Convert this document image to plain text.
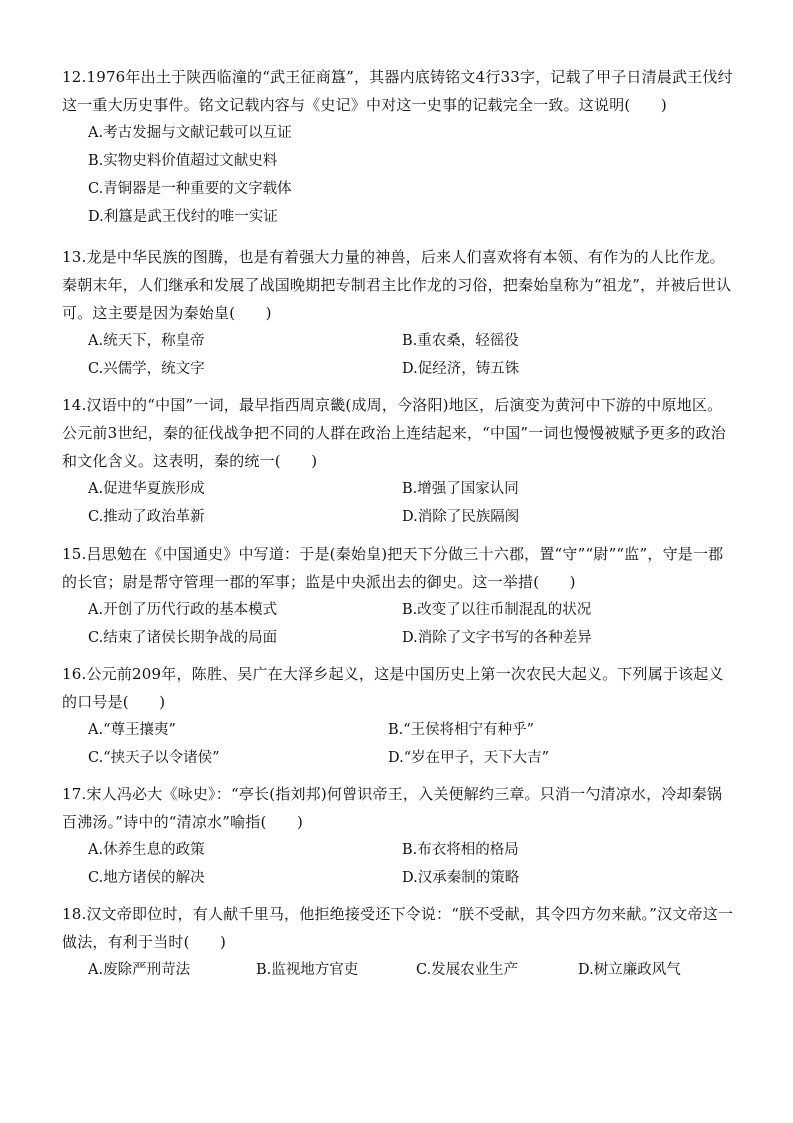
12.1976年出土于陕西临潼的“武王征商簋”，其器内底铸铭文4行33字，记载了甲子日清晨武王伐纣这一重大历史事件。铭文记载内容与《史记》中对这一史事的记载完全一致。这说明(　　)

A.考古发掘与文献记载可以互证
B.实物史料价值超过文献史料
C.青铜器是一种重要的文字载体
D.利簋是武王伐纣的唯一实证

13.龙是中华民族的图腾，也是有着强大力量的神兽，后来人们喜欢将有本领、有作为的人比作龙。秦朝末年，人们继承和发展了战国晚期把专制君主比作龙的习俗，把秦始皇称为“祖龙”，并被后世认可。这主要是因为秦始皇(　　)

A.统天下，称皇帝	B.重农桑，轻徭役
C.兴儒学，统文字	D.促经济，铸五铢

14.汉语中的“中国”一词，最早指西周京畿(成周，今洛阳)地区，后演变为黄河中下游的中原地区。公元前3世纪，秦的征伐战争把不同的人群在政治上连结起来，“中国”一词也慢慢被赋予更多的政治和文化含义。这表明，秦的统一(　　)

A.促进华夏族形成	B.增强了国家认同
C.推动了政治革新	D.消除了民族隔阂

15.吕思勉在《中国通史》中写道：于是(秦始皇)把天下分做三十六郡，置“守”“尉”“监”，守是一郡的长官；尉是帮守管理一郡的军事；监是中央派出去的御史。这一举措(　　)

A.开创了历代行政的基本模式	B.改变了以往币制混乱的状况
C.结束了诸侯长期争战的局面	D.消除了文字书写的各种差异

16.公元前209年，陈胜、吴广在大泽乡起义，这是中国历史上第一次农民大起义。下列属于该起义的口号是(　　)

A.“尊王攘夷”	B.“王侯将相宁有种乎”
C.“挟天子以令诸侯”	D.“岁在甲子，天下大吉”

17.宋人冯必大《咏史》：“亭长(指刘邦)何曾识帝王，入关便解约三章。只消一勺清凉水，冷却秦锅百沸汤。”诗中的“清凉水”喻指(　　)

A.休养生息的政策	B.布衣将相的格局
C.地方诸侯的解决	D.汉承秦制的策略

18.汉文帝即位时，有人献千里马，他拒绝接受还下令说：“朕不受献，其令四方勿来献。”汉文帝这一做法，有利于当时(　　)

A.废除严刑苛法	B.监视地方官吏	C.发展农业生产	D.树立廉政风气
